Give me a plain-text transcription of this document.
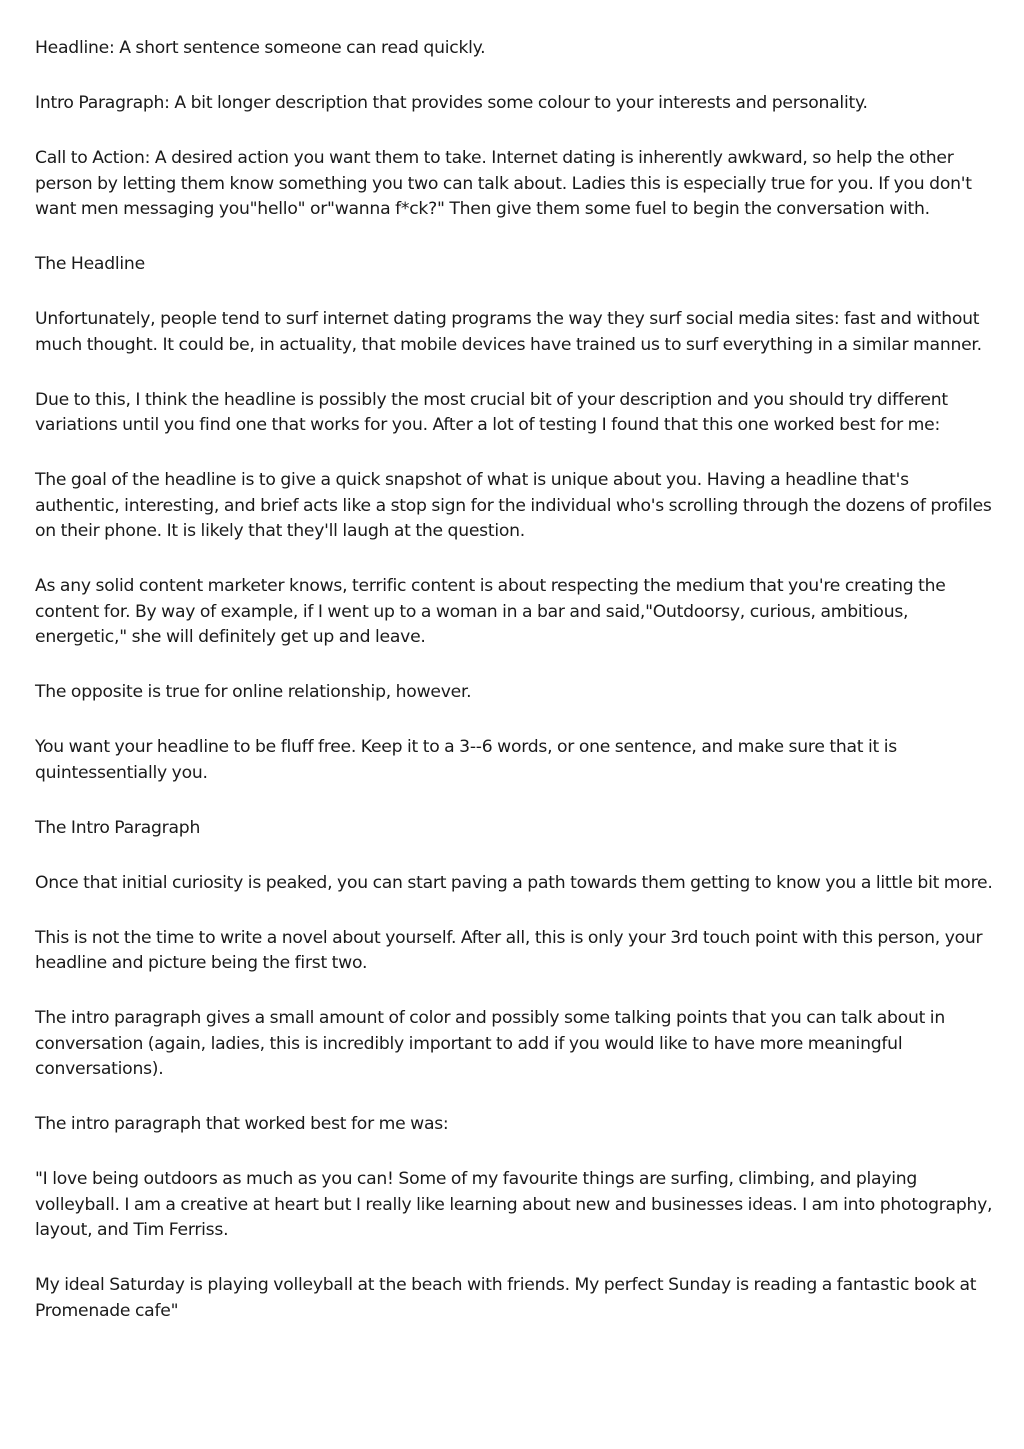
Headline: A short sentence someone can read quickly.

Intro Paragraph: A bit longer description that provides some colour to your interests and personality.

Call to Action: A desired action you want them to take. Internet dating is inherently awkward, so help the other person by letting them know something you two can talk about. Ladies this is especially true for you. If you don't want men messaging you"hello" or"wanna f*ck?" Then give them some fuel to begin the conversation with.

The Headline

Unfortunately, people tend to surf internet dating programs the way they surf social media sites: fast and without much thought. It could be, in actuality, that mobile devices have trained us to surf everything in a similar manner.

Due to this, I think the headline is possibly the most crucial bit of your description and you should try different variations until you find one that works for you. After a lot of testing I found that this one worked best for me:

The goal of the headline is to give a quick snapshot of what is unique about you. Having a headline that's authentic, interesting, and brief acts like a stop sign for the individual who's scrolling through the dozens of profiles on their phone. It is likely that they'll laugh at the question.

As any solid content marketer knows, terrific content is about respecting the medium that you're creating the content for. By way of example, if I went up to a woman in a bar and said,"Outdoorsy, curious, ambitious, energetic," she will definitely get up and leave.

The opposite is true for online relationship, however.

You want your headline to be fluff free. Keep it to a 3--6 words, or one sentence, and make sure that it is quintessentially you.

The Intro Paragraph

Once that initial curiosity is peaked, you can start paving a path towards them getting to know you a little bit more.

This is not the time to write a novel about yourself. After all, this is only your 3rd touch point with this person, your headline and picture being the first two.

The intro paragraph gives a small amount of color and possibly some talking points that you can talk about in conversation (again, ladies, this is incredibly important to add if you would like to have more meaningful conversations).

The intro paragraph that worked best for me was:

"I love being outdoors as much as you can! Some of my favourite things are surfing, climbing, and playing volleyball. I am a creative at heart but I really like learning about new and businesses ideas. I am into photography, layout, and Tim Ferriss.

My ideal Saturday is playing volleyball at the beach with friends. My perfect Sunday is reading a fantastic book at Promenade cafe"
